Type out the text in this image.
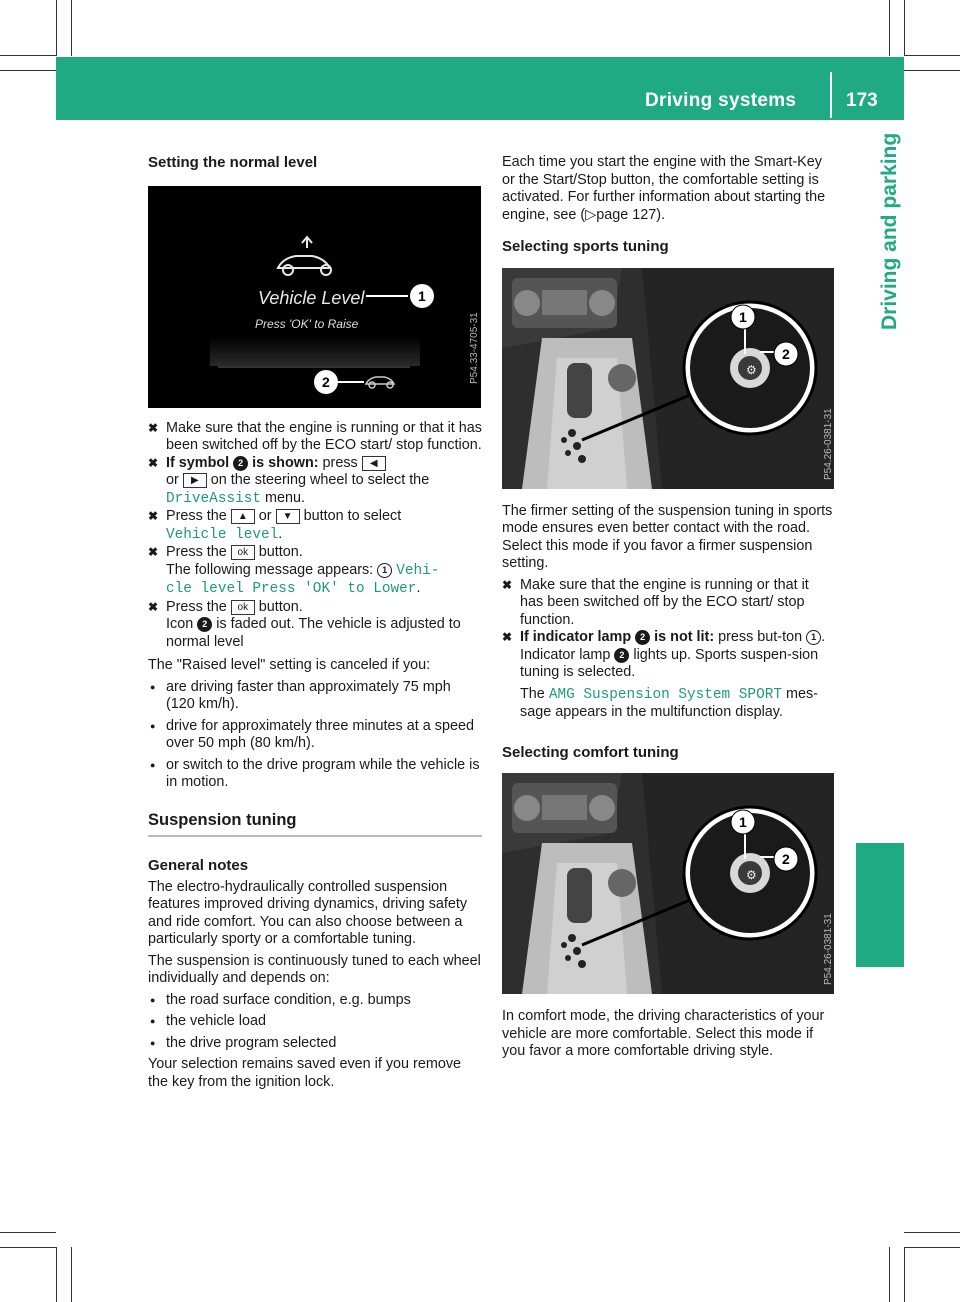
Driving systems	173
Driving and parking

Setting the normal level

Vehicle Level	1
Press 'OK' to Raise
2	P54.33-4705-31

✖ Make sure that the engine is running or that it has been switched off by the ECO start/ stop function.

✖ If symbol 2 is shown: press ◀
or ▶ on the steering wheel to select the
DriveAssist menu.

✖ Press the ▲ or ▼ button to select
Vehicle level.

✖ Press the ok button.
The following message appears: 1 Vehi‐
cle level Press 'OK' to Lower.

✖ Press the ok button.
Icon 2 is faded out. The vehicle is adjusted to normal level

The "Raised level" setting is canceled if you:

● are driving faster than approximately 75 mph (120 km/h).

● drive for approximately three minutes at a speed over 50 mph (80 km/h).

● or switch to the drive program while the vehicle is in motion.

Suspension tuning

General notes

The electro-hydraulically controlled suspension features improved driving dynamics, driving safety and ride comfort. You can also choose between a particularly sporty or a comfortable tuning.

The suspension is continuously tuned to each wheel individually and depends on:

● the road surface condition, e.g. bumps

● the vehicle load

● the drive program selected

Your selection remains saved even if you remove the key from the ignition lock.

Each time you start the engine with the Smart-Key or the Start/Stop button, the comfortable setting is activated. For further information about starting the engine, see (▷page 127).

Selecting sports tuning

⚙
1
2
P54.26-0381-31

The firmer setting of the suspension tuning in sports mode ensures even better contact with the road. Select this mode if you favor a firmer suspension setting.

✖ Make sure that the engine is running or that it has been switched off by the ECO start/ stop function.

✖ If indicator lamp 2 is not lit: press but-ton 1 .
Indicator lamp 2 lights up. Sports suspen-sion tuning is selected.

The AMG Suspension System SPORT mes-sage appears in the multifunction display.

Selecting comfort tuning

⚙
1
2
P54.26-0381-31

In comfort mode, the driving characteristics of your vehicle are more comfortable. Select this mode if you favor a more comfortable driving style.
